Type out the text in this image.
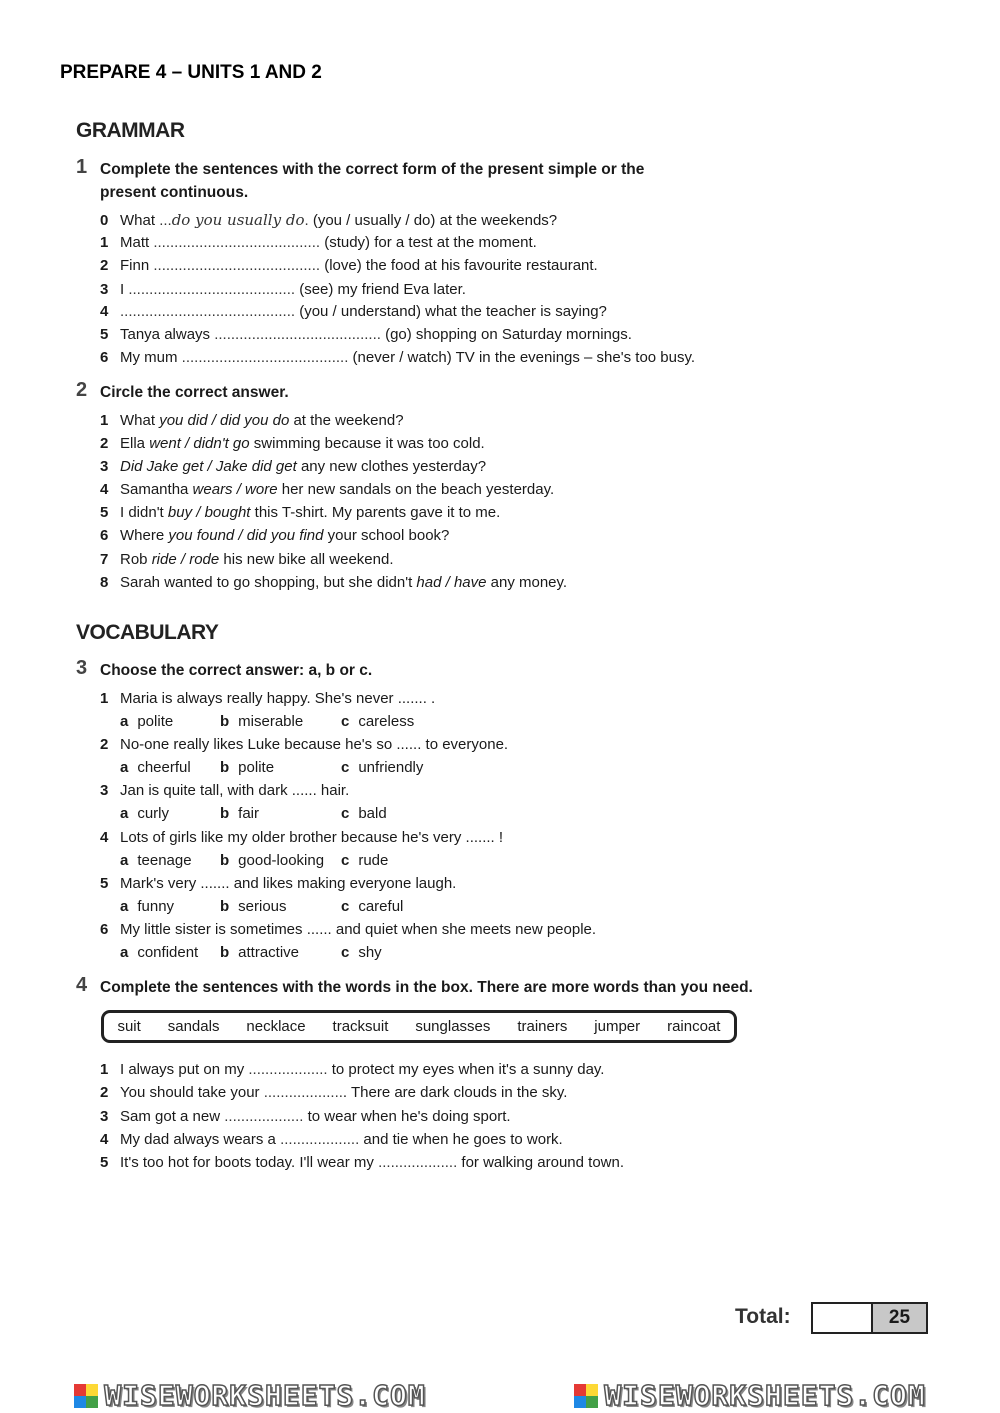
PREPARE 4 – UNITS 1 AND 2
GRAMMAR
1 Complete the sentences with the correct form of the present simple or the
present continuous.
0 What ...do you usually do. (you / usually / do) at the weekends?
1 Matt ........................................ (study) for a test at the moment.
2 Finn ........................................ (love) the food at his favourite restaurant.
3 I ........................................ (see) my friend Eva later.
4 .......................................... (you / understand) what the teacher is saying?
5 Tanya always ........................................ (go) shopping on Saturday mornings.
6 My mum ........................................ (never / watch) TV in the evenings – she's too busy.
2 Circle the correct answer.
1 What you did / did you do at the weekend?
2 Ella went / didn't go swimming because it was too cold.
3 Did Jake get / Jake did get any new clothes yesterday?
4 Samantha wears / wore her new sandals on the beach yesterday.
5 I didn't buy / bought this T-shirt. My parents gave it to me.
6 Where you found / did you find your school book?
7 Rob ride / rode his new bike all weekend.
8 Sarah wanted to go shopping, but she didn't had / have any money.
VOCABULARY
3 Choose the correct answer: a, b or c.
1 Maria is always really happy. She's never ....... .
a polite	b miserable	c careless
2 No-one really likes Luke because he's so ...... to everyone.
a cheerful b polite	c unfriendly
3 Jan is quite tall, with dark ...... hair.
a curly	b fair	c bald
4 Lots of girls like my older brother because he's very ....... !
a teenage b good-looking c rude
5 Mark's very ....... and likes making everyone laugh.
a funny	b serious	c careful
6 My little sister is sometimes ...... and quiet when she meets new people.
a confident b attractive	c shy
4 Complete the sentences with the words in the box. There are more words than you need.
suit sandals necklace tracksuit sunglasses trainers jumper raincoat
1 I always put on my ................... to protect my eyes when it's a sunny day.
2 You should take your .................... There are dark clouds in the sky.
3 Sam got a new ................... to wear when he's doing sport.
4 My dad always wears a ................... and tie when he goes to work.
5 It's too hot for boots today. I'll wear my ................... for walking around town.
Total:	25
WISEWORKSHEETS.COM	WISEWORKSHEETS.COM
